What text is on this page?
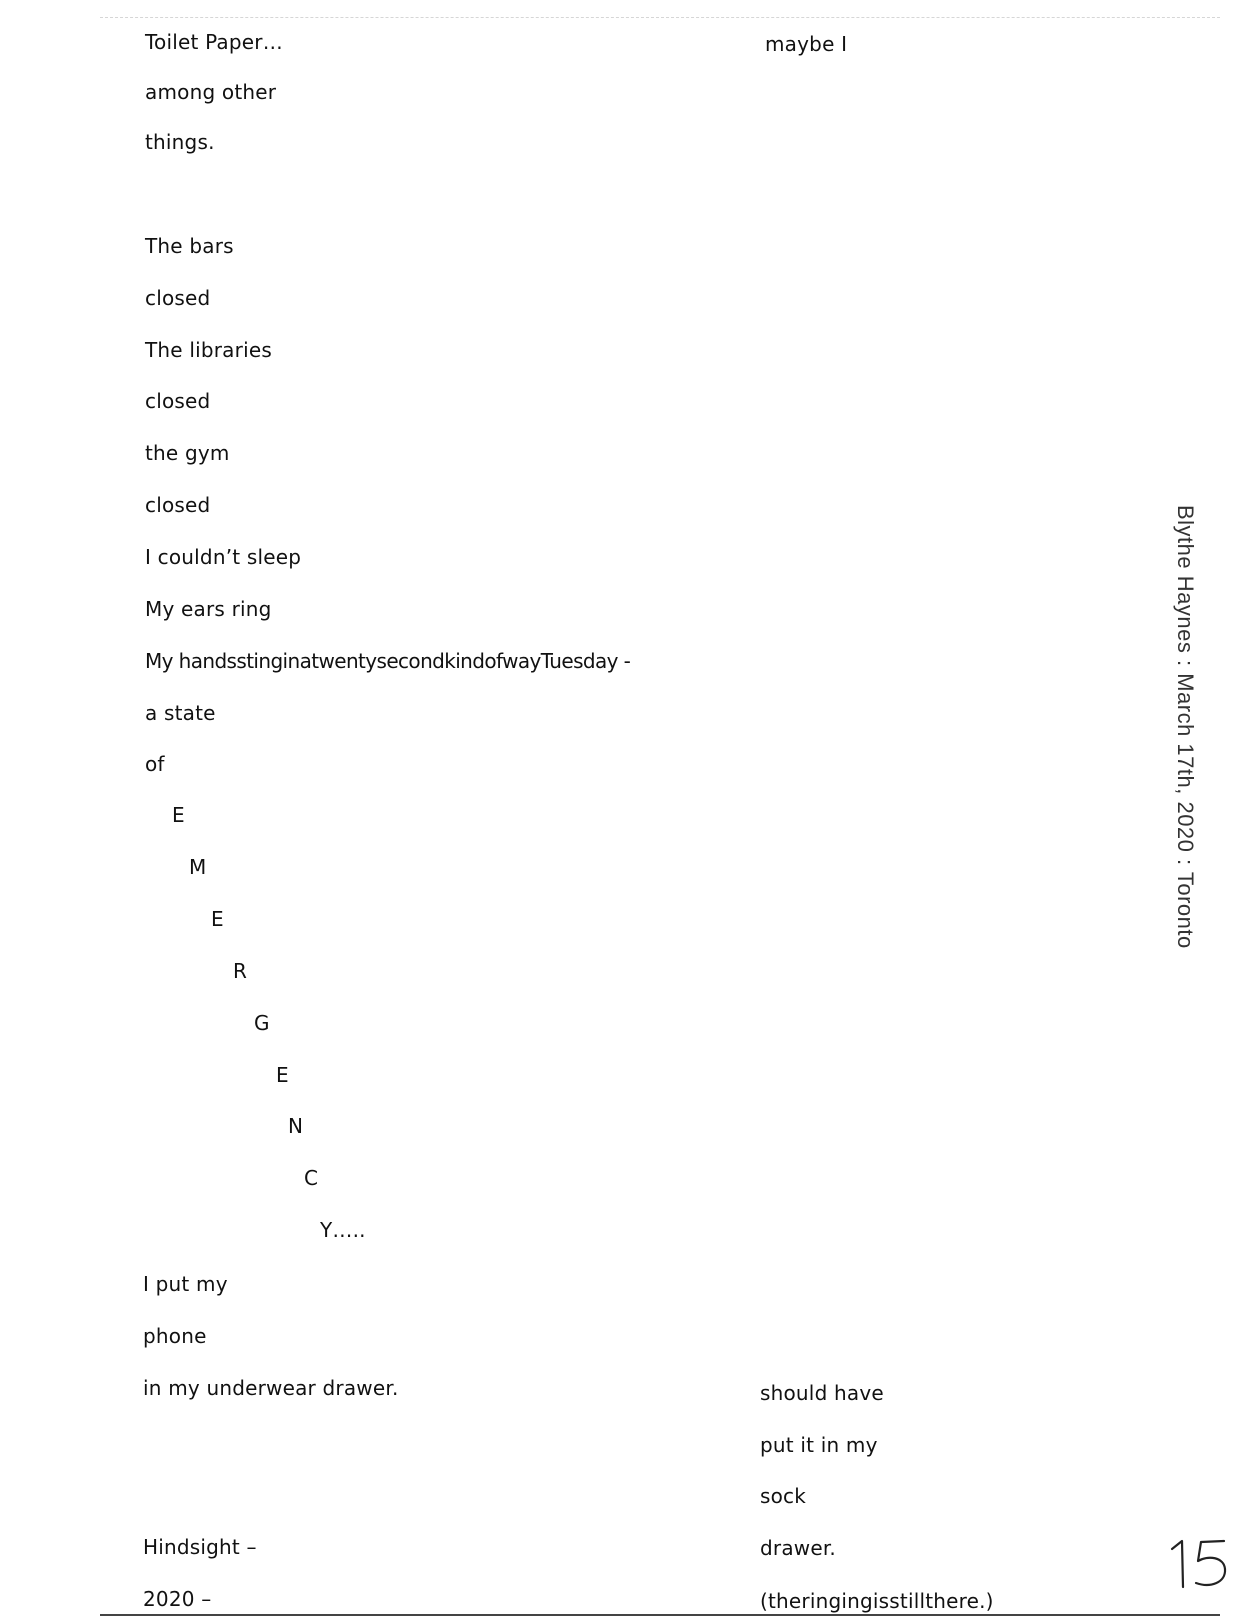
Toilet Paper…
among other
things.
The bars
closed
The libraries
closed
the gym
closed
I couldn’t sleep
My ears ring
My handsstinginatwentysecondkindofwayTuesday -
a state
of
E
M
E
R
G
E
N
C
Y…..
I put my
phone
in my underwear drawer.
Hindsight –
2020 –
maybe I
should have
put it in my
sock
drawer.
(theringingisstillthere.)
Blythe Haynes : March 17th, 2020 : Toronto
